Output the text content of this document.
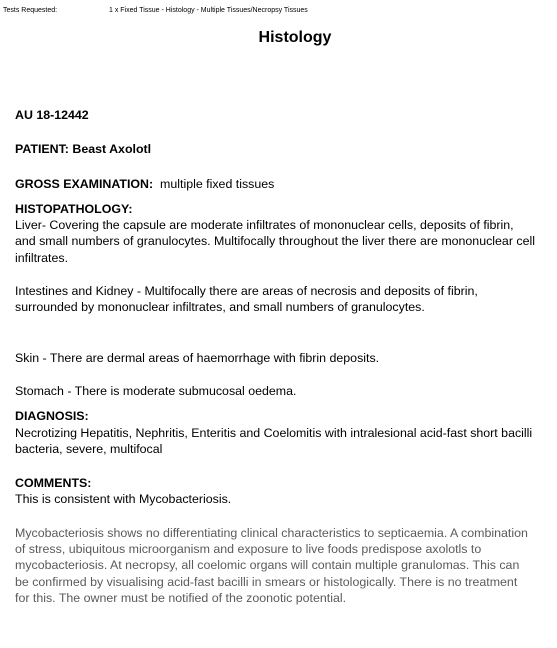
Tests Requested:	1 x Fixed Tissue - Histology - Multiple Tissues/Necropsy Tissues
Histology

AU 18-12442

PATIENT: Beast Axolotl

GROSS EXAMINATION: multiple fixed tissues

HISTOPATHOLOGY:

Liver- Covering the capsule are moderate infiltrates of mononuclear cells, deposits of fibrin, and small numbers of granulocytes. Multifocally throughout the liver there are mononuclear cell infiltrates.

Intestines and Kidney - Multifocally there are areas of necrosis and deposits of fibrin, surrounded by mononuclear infiltrates, and small numbers of granulocytes.

Skin - There are dermal areas of haemorrhage with fibrin deposits.

Stomach - There is moderate submucosal oedema.

DIAGNOSIS:

Necrotizing Hepatitis, Nephritis, Enteritis and Coelomitis with intralesional acid-fast short bacilli bacteria, severe, multifocal

COMMENTS:

This is consistent with Mycobacteriosis.

Mycobacteriosis shows no differentiating clinical characteristics to septicaemia. A combination of stress, ubiquitous microorganism and exposure to live foods predispose axolotls to mycobacteriosis. At necropsy, all coelomic organs will contain multiple granulomas. This can be confirmed by visualising acid-fast bacilli in smears or histologically. There is no treatment for this. The owner must be notified of the zoonotic potential.
